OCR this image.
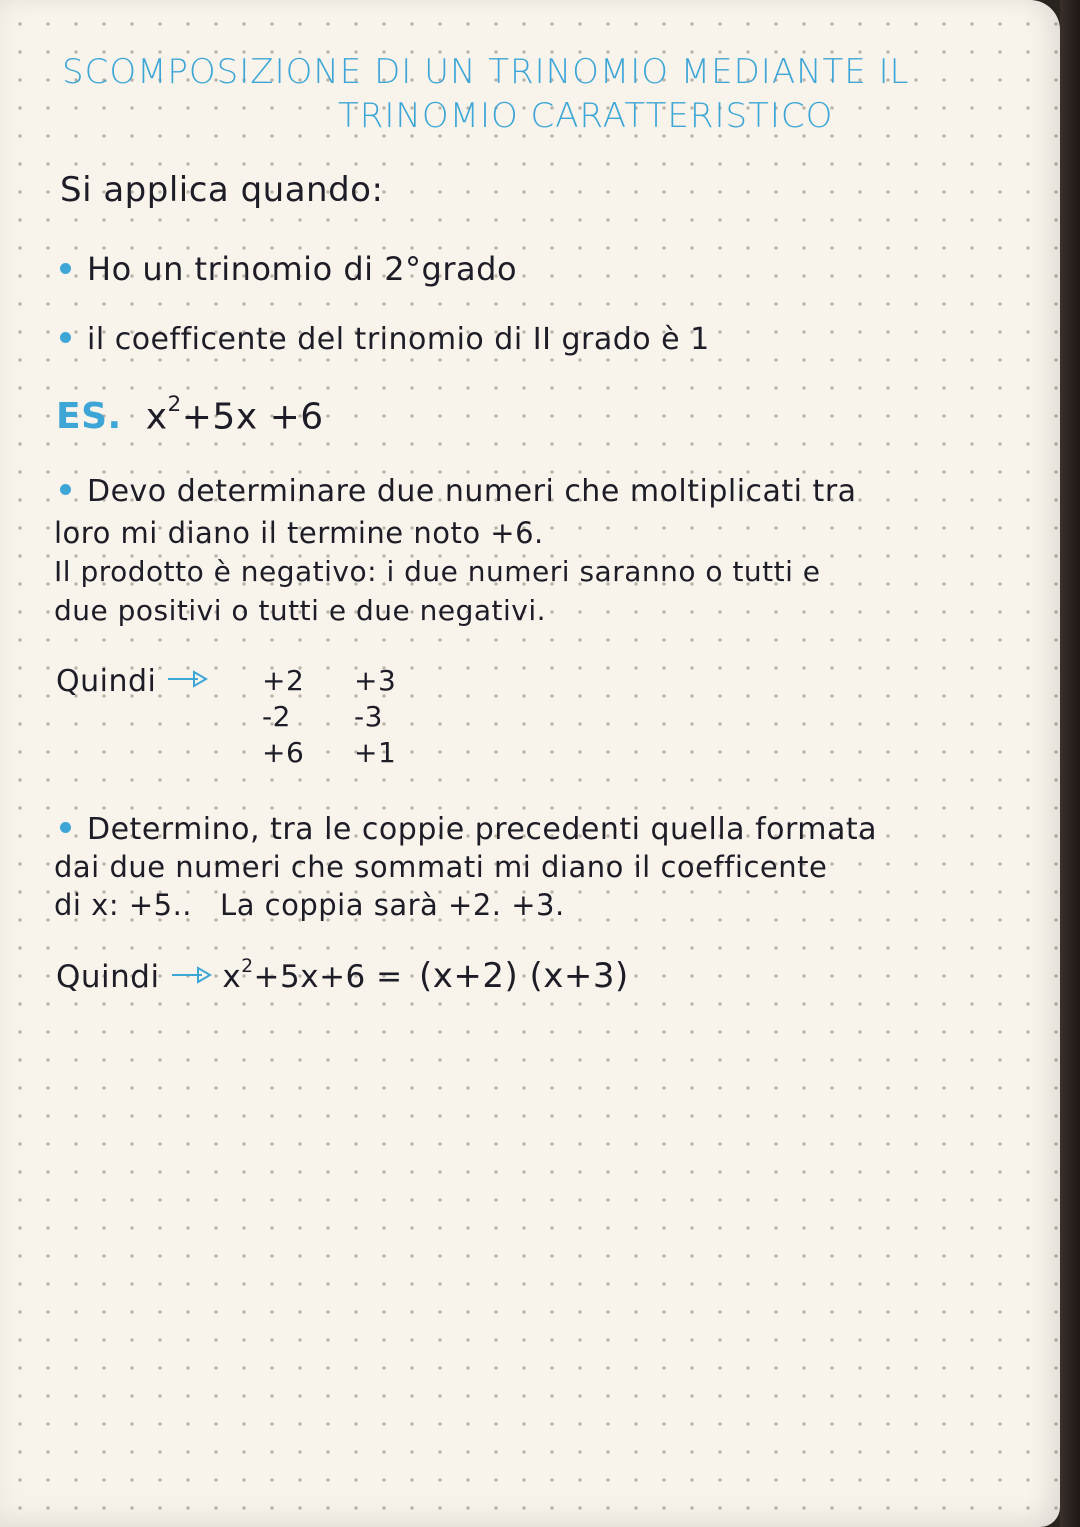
SCOMPOSIZIONE DI UN TRINOMIO MEDIANTE IL
TRINOMIO CARATTERISTICO
Si applica quando:
Ho un trinomio di 2°grado
il coefficente del trinomio di II grado è 1
ES. $x^2+5x +6$
Devo determinare due numeri che moltiplicati tra
loro mi diano il termine noto +6.
Il prodotto è negativo: i due numeri saranno o tutti e
due positivi o tutti e due negativi.
Quindi	+2 +3
-2 -3
+6 +1
Determino, tra le coppie precedenti quella formata
dai due numeri che sommati mi diano il coefficente
di x: +5.. La coppia sarà +2. +3.
Quindi $x^2+5x+6 = (x+2)$ (x+3)
